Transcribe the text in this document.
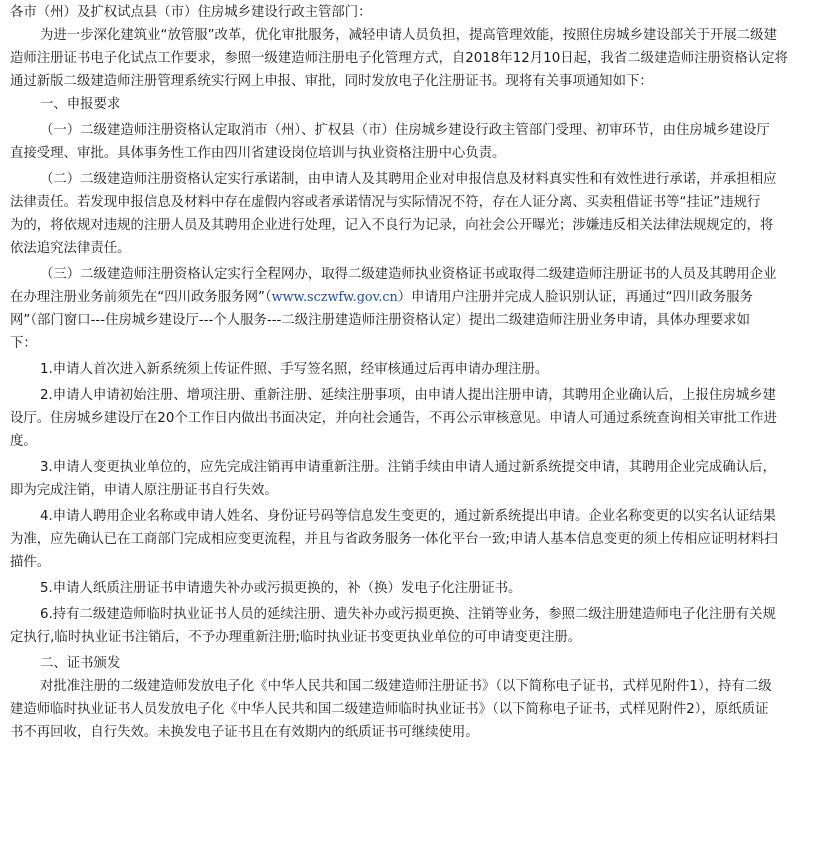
各市（州）及扩权试点县（市）住房城乡建设行政主管部门：
为进一步深化建筑业“放管服”改革，优化审批服务，减轻申请人员负担，提高管理效能，按照住房城乡建设部关于开展二级建
造师注册证书电子化试点工作要求，参照一级建造师注册电子化管理方式，自2018年12月10日起，我省二级建造师注册资格认定将
通过新版二级建造师注册管理系统实行网上申报、审批，同时发放电子化注册证书。现将有关事项通知如下：
一、申报要求
（一）二级建造师注册资格认定取消市（州）、扩权县（市）住房城乡建设行政主管部门受理、初审环节，由住房城乡建设厅
直接受理、审批。具体事务性工作由四川省建设岗位培训与执业资格注册中心负责。
（二）二级建造师注册资格认定实行承诺制，由申请人及其聘用企业对申报信息及材料真实性和有效性进行承诺，并承担相应
法律责任。若发现申报信息及材料中存在虚假内容或者承诺情况与实际情况不符，存在人证分离、买卖租借证书等“挂证”违规行
为的，将依规对违规的注册人员及其聘用企业进行处理，记入不良行为记录，向社会公开曝光；涉嫌违反相关法律法规规定的，将
依法追究法律责任。
（三）二级建造师注册资格认定实行全程网办，取得二级建造师执业资格证书或取得二级建造师注册证书的人员及其聘用企业
在办理注册业务前须先在“四川政务服务网”（www.sczwfw.gov.cn）申请用户注册并完成人脸识别认证，再通过“四川政务服务
网”（部门窗口---住房城乡建设厅---个人服务---二级注册建造师注册资格认定）提出二级建造师注册业务申请，具体办理要求如
下：
1.申请人首次进入新系统须上传证件照、手写签名照，经审核通过后再申请办理注册。
2.申请人申请初始注册、增项注册、重新注册、延续注册事项，由申请人提出注册申请，其聘用企业确认后，上报住房城乡建
设厅。住房城乡建设厅在20个工作日内做出书面决定，并向社会通告，不再公示审核意见。申请人可通过系统查询相关审批工作进
度。
3.申请人变更执业单位的，应先完成注销再申请重新注册。注销手续由申请人通过新系统提交申请，其聘用企业完成确认后，
即为完成注销，申请人原注册证书自行失效。
4.申请人聘用企业名称或申请人姓名、身份证号码等信息发生变更的，通过新系统提出申请。企业名称变更的以实名认证结果
为准，应先确认已在工商部门完成相应变更流程，并且与省政务服务一体化平台一致;申请人基本信息变更的须上传相应证明材料扫
描件。
5.申请人纸质注册证书申请遗失补办或污损更换的，补（换）发电子化注册证书。
6.持有二级建造师临时执业证书人员的延续注册、遗失补办或污损更换、注销等业务，参照二级注册建造师电子化注册有关规
定执行,临时执业证书注销后，不予办理重新注册;临时执业证书变更执业单位的可申请变更注册。
二、证书颁发
对批准注册的二级建造师发放电子化《中华人民共和国二级建造师注册证书》（以下简称电子证书，式样见附件1），持有二级
建造师临时执业证书人员发放电子化《中华人民共和国二级建造师临时执业证书》（以下简称电子证书，式样见附件2），原纸质证
书不再回收，自行失效。未换发电子证书且在有效期内的纸质证书可继续使用。
